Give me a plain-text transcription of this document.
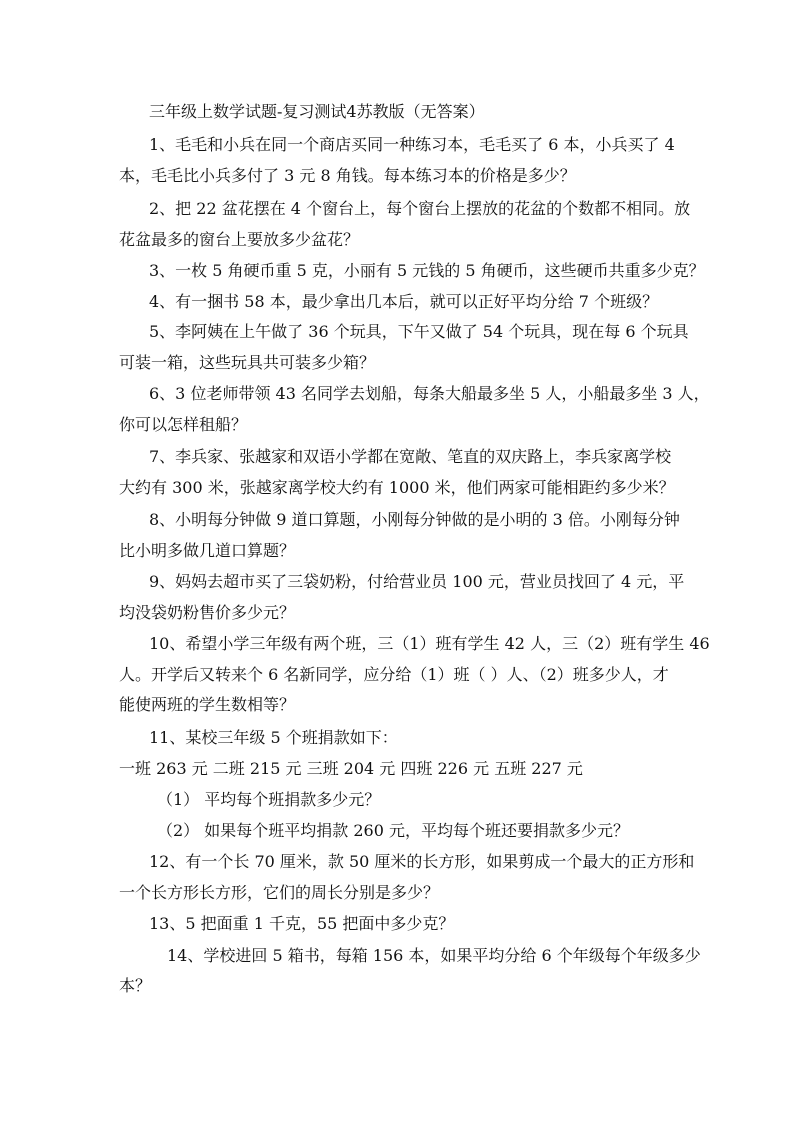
三年级上数学试题-复习测试4苏教版（无答案）
1、毛毛和小兵在同一个商店买同一种练习本，毛毛买了 6 本，小兵买了 4
本，毛毛比小兵多付了 3 元 8 角钱。每本练习本的价格是多少？
2、把 22 盆花摆在 4 个窗台上，每个窗台上摆放的花盆的个数都不相同。放
花盆最多的窗台上要放多少盆花？
3、一枚 5 角硬币重 5 克，小丽有 5 元钱的 5 角硬币，这些硬币共重多少克？
4、有一捆书 58 本，最少拿出几本后，就可以正好平均分给 7 个班级？
5、李阿姨在上午做了 36 个玩具，下午又做了 54 个玩具，现在每 6 个玩具
可装一箱，这些玩具共可装多少箱？
6、3 位老师带领 43 名同学去划船，每条大船最多坐 5 人，小船最多坐 3 人，
你可以怎样租船？
7、李兵家、张越家和双语小学都在宽敞、笔直的双庆路上，李兵家离学校
大约有 300 米，张越家离学校大约有 1000 米，他们两家可能相距约多少米？
8、小明每分钟做 9 道口算题，小刚每分钟做的是小明的 3 倍。小刚每分钟
比小明多做几道口算题？
9、妈妈去超市买了三袋奶粉，付给营业员 100 元，营业员找回了 4 元，平
均没袋奶粉售价多少元？
10、希望小学三年级有两个班，三（1）班有学生 42 人，三（2）班有学生 46
人。开学后又转来个 6 名新同学，应分给（1）班（ ）人、（2）班多少人，才
能使两班的学生数相等？
11、某校三年级 5 个班捐款如下：
一班 263 元 二班 215 元 三班 204 元 四班 226 元 五班 227 元
（1） 平均每个班捐款多少元？
（2） 如果每个班平均捐款 260 元，平均每个班还要捐款多少元？
12、有一个长 70 厘米，款 50 厘米的长方形，如果剪成一个最大的正方形和
一个长方形长方形，它们的周长分别是多少？
13、5 把面重 1 千克，55 把面中多少克？
14、学校进回 5 箱书，每箱 156 本，如果平均分给 6 个年级每个年级多少
本？
